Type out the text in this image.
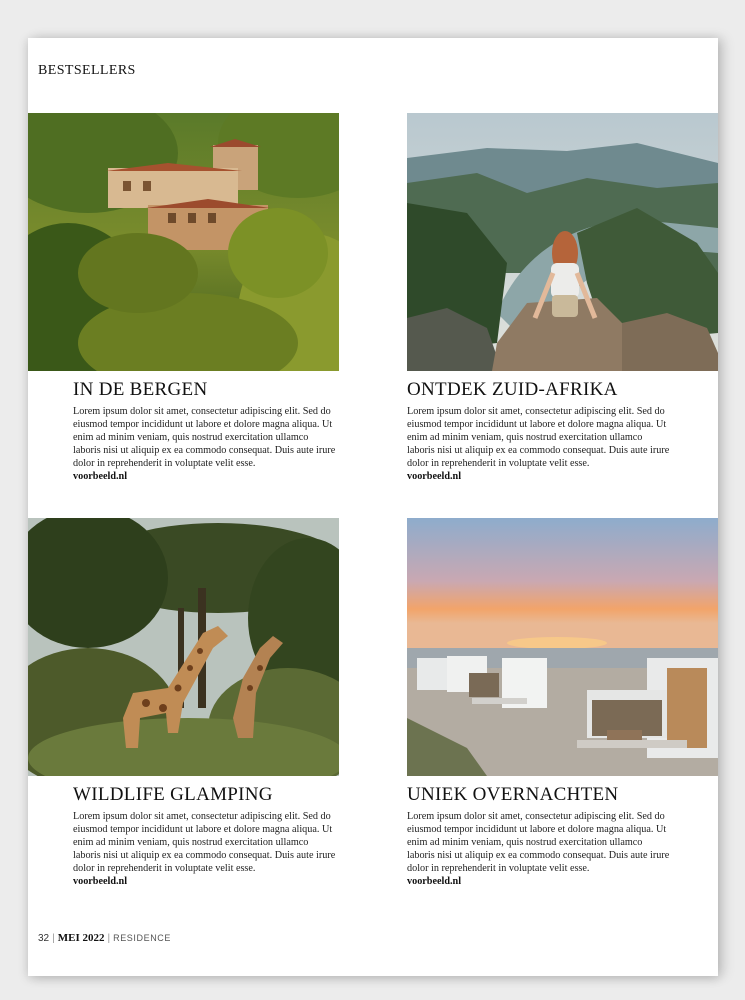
BESTSELLERS
IN DE BERGEN

Lorem ipsum dolor sit amet, consectetur adipiscing elit. Sed do eiusmod tempor incididunt ut labore et dolore magna aliqua. Ut enim ad minim veniam, quis nostrud exercitation ullamco laboris nisi ut aliquip ex ea commodo consequat. Duis aute irure dolor in reprehenderit in voluptate velit esse.

voorbeeld.nl
ONTDEK ZUID-AFRIKA

Lorem ipsum dolor sit amet, consectetur adipiscing elit. Sed do eiusmod tempor incididunt ut labore et dolore magna aliqua. Ut enim ad minim veniam, quis nostrud exercitation ullamco laboris nisi ut aliquip ex ea commodo consequat. Duis aute irure dolor in reprehenderit in voluptate velit esse.

voorbeeld.nl
WILDLIFE GLAMPING

Lorem ipsum dolor sit amet, consectetur adipiscing elit. Sed do eiusmod tempor incididunt ut labore et dolore magna aliqua. Ut enim ad minim veniam, quis nostrud exercitation ullamco laboris nisi ut aliquip ex ea commodo consequat. Duis aute irure dolor in reprehenderit in voluptate velit esse.

voorbeeld.nl
UNIEK OVERNACHTEN

Lorem ipsum dolor sit amet, consectetur adipiscing elit. Sed do eiusmod tempor incididunt ut labore et dolore magna aliqua. Ut enim ad minim veniam, quis nostrud exercitation ullamco laboris nisi ut aliquip ex ea commodo consequat. Duis aute irure dolor in reprehenderit in voluptate velit esse.

voorbeeld.nl
32 | MEI 2022 | RESIDENCE
